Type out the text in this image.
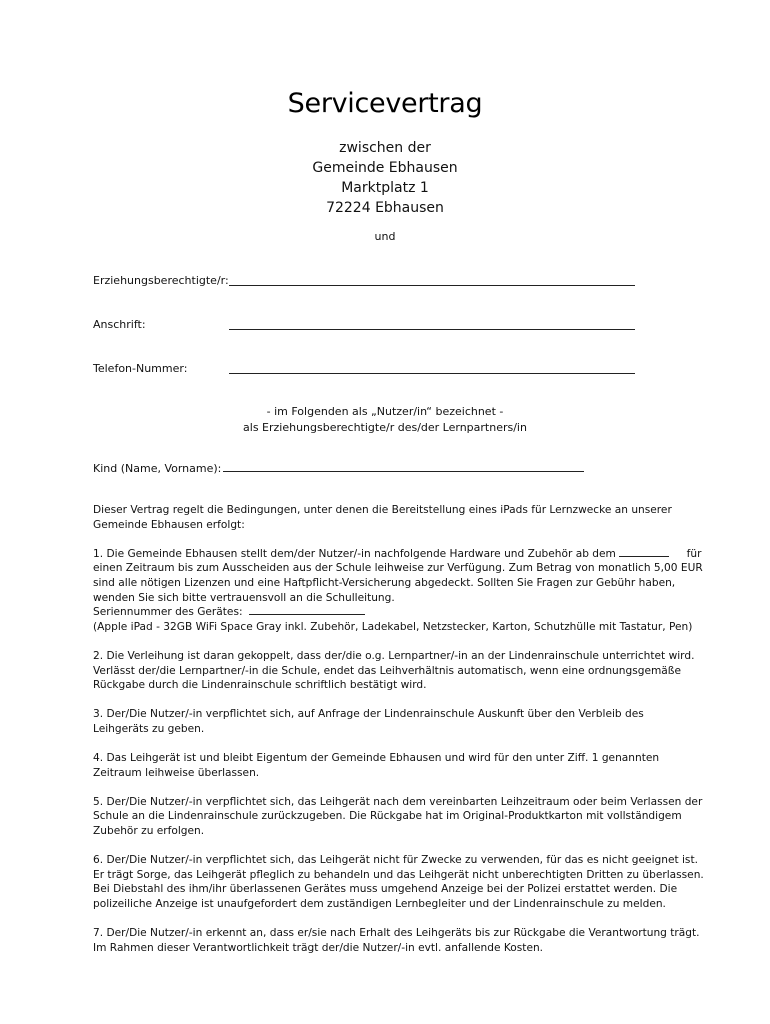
Servicevertrag
zwischen der
Gemeinde Ebhausen
Marktplatz 1
72224 Ebhausen
und
Erziehungsberechtigte/r:
Anschrift:
Telefon-Nummer:
- im Folgenden als „Nutzer/in“ bezeichnet -
als Erziehungsberechtigte/r des/der Lernpartners/in
Kind (Name, Vorname):
Dieser Vertrag regelt die Bedingungen, unter denen die Bereitstellung eines iPads für Lernzwecke an unserer
Gemeinde Ebhausen erfolgt:
1. Die Gemeinde Ebhausen stellt dem/der Nutzer/-in nachfolgende Hardware und Zubehör ab dem	für
einen Zeitraum bis zum Ausscheiden aus der Schule leihweise zur Verfügung. Zum Betrag von monatlich 5,00 EUR
sind alle nötigen Lizenzen und eine Haftpflicht-Versicherung abgedeckt. Sollten Sie Fragen zur Gebühr haben,
wenden Sie sich bitte vertrauensvoll an die Schulleitung.
Seriennummer des Gerätes:
(Apple iPad - 32GB WiFi Space Gray inkl. Zubehör, Ladekabel, Netzstecker, Karton, Schutzhülle mit Tastatur, Pen)
2. Die Verleihung ist daran gekoppelt, dass der/die o.g. Lernpartner/-in an der Lindenrainschule unterrichtet wird.
Verlässt der/die Lernpartner/-in die Schule, endet das Leihverhältnis automatisch, wenn eine ordnungsgemäße
Rückgabe durch die Lindenrainschule schriftlich bestätigt wird.
3. Der/Die Nutzer/-in verpflichtet sich, auf Anfrage der Lindenrainschule Auskunft über den Verbleib des
Leihgeräts zu geben.
4. Das Leihgerät ist und bleibt Eigentum der Gemeinde Ebhausen und wird für den unter Ziff. 1 genannten
Zeitraum leihweise überlassen.
5. Der/Die Nutzer/-in verpflichtet sich, das Leihgerät nach dem vereinbarten Leihzeitraum oder beim Verlassen der
Schule an die Lindenrainschule zurückzugeben. Die Rückgabe hat im Original-Produktkarton mit vollständigem
Zubehör zu erfolgen.
6. Der/Die Nutzer/-in verpflichtet sich, das Leihgerät nicht für Zwecke zu verwenden, für das es nicht geeignet ist.
Er trägt Sorge, das Leihgerät pfleglich zu behandeln und das Leihgerät nicht unberechtigten Dritten zu überlassen.
Bei Diebstahl des ihm/ihr überlassenen Gerätes muss umgehend Anzeige bei der Polizei erstattet werden. Die
polizeiliche Anzeige ist unaufgefordert dem zuständigen Lernbegleiter und der Lindenrainschule zu melden.
7. Der/Die Nutzer/-in erkennt an, dass er/sie nach Erhalt des Leihgeräts bis zur Rückgabe die Verantwortung trägt.
Im Rahmen dieser Verantwortlichkeit trägt der/die Nutzer/-in evtl. anfallende Kosten.
